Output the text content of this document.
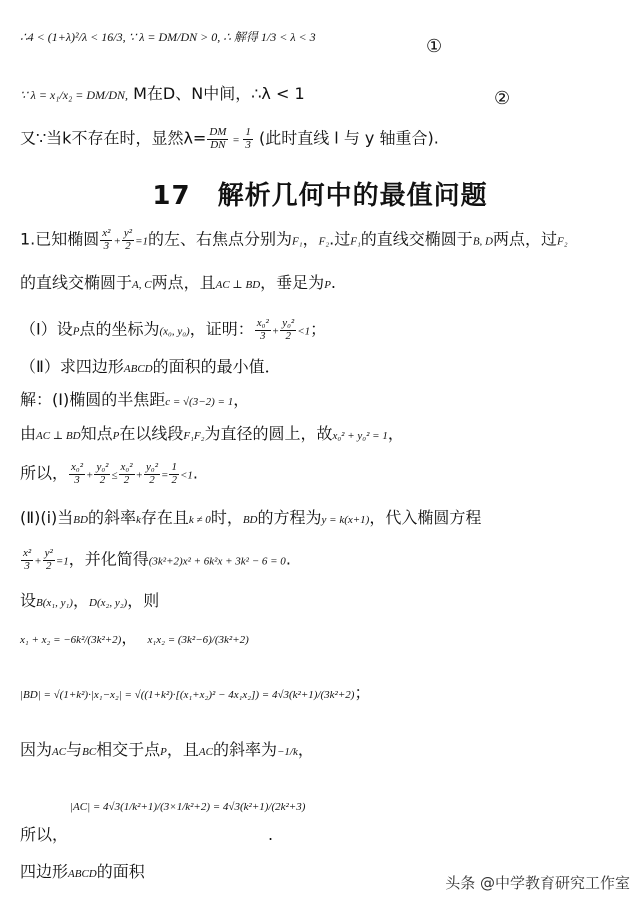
∴4 < (1+λ)²/λ < 16/3, ∵ λ = DM/DN > 0, ∴ 解得 1/3 < λ < 3	①
∵ λ = x₁/x₂ = DM/DN, M在D、N中间，∴λ < 1	②
又∵当k不存在时，显然$\lambda= \frac{DM}{DN} = \frac{1}{3}$ (此时直线 l 与 y 轴重合).
17　解析几何中的最值问题
1.已知椭圆 $\frac{\text{x²}}{3} + \frac{\text{y²}}{2} =1$的左、右焦点分别为F₁，F₂.过F₁的直线交椭圆于B, D两点，过F₂
的直线交椭圆于A, C两点，且AC ⊥ BD，垂足为P.
（Ⅰ）设P点的坐标为(x₀, y₀)，证明： $\frac{\text{x₀²}}{3} + \frac{\text{y₀²}}{2} <1$；
（Ⅱ）求四边形ABCD的面积的最小值．
解：(Ⅰ)椭圆的半焦距c = √(3−2) = 1，
由AC ⊥ BD知点P在以线段F₁F₂为直径的圆上，故x₀² + y₀² = 1，
所以， $\frac{\text{x₀²}}{3} + \frac{\text{y₀²}}{2} \le \frac{\text{x₀²}}{2} + \frac{\text{y₀²}}{2} = \frac{1}{2} <1$.
(Ⅱ)(ⅰ)当BD的斜率k存在且k ≠ 0时，BD的方程为y = k(x+1)，代入椭圆方程
$\frac{\text{x²}}{3} + \frac{\text{y²}}{2} =1$，并化简得(3k²+2)x² + 6k²x + 3k² − 6 = 0.
设B(x₁, y₁)，D(x₂, y₂)，则
x₁ + x₂ = −6k²/(3k²+2)， x₁x₂ = (3k²−6)/(3k²+2)
|BD| = √(1+k²)·|x₁−x₂| = √((1+k²)·[(x₁+x₂)² − 4x₁x₂]) = 4√3(k²+1)/(3k²+2)；
因为AC与BC相交于点P，且AC的斜率为−1/k，
|AC| = 4√3(1/k²+1)/(3×1/k²+2) = 4√3(k²+1)/(2k²+3)
所以，	.
四边形ABCD的面积
头条 @中学教育研究工作室
